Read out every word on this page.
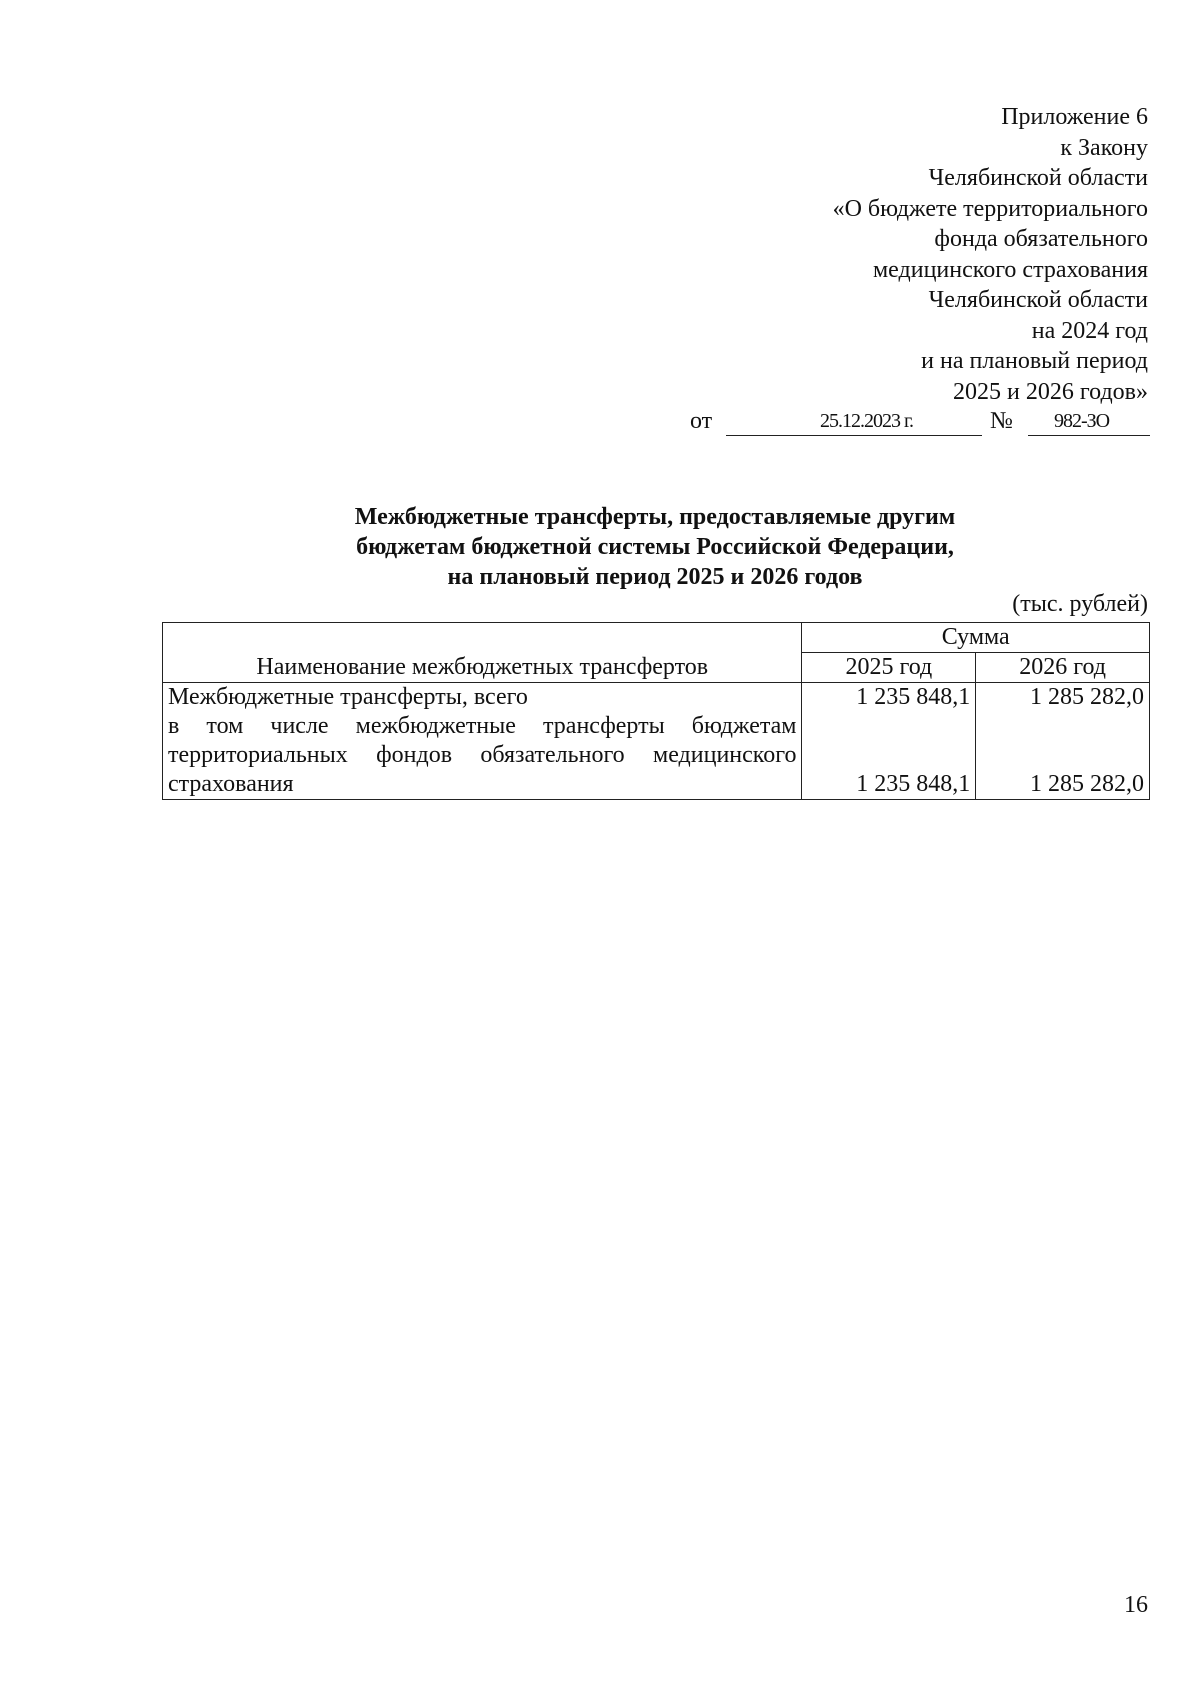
Приложение 6
к Закону
Челябинской области
«О бюджете территориального
фонда обязательного
медицинского страхования
Челябинской области
на 2024 год
и на плановый период
2025 и 2026 годов»
от	25.12.2023 г.	№ 982-ЗО
Межбюджетные трансферты, предоставляемые другим
бюджетам бюджетной системы Российской Федерации,
на плановый период 2025 и 2026 годов
(тыс. рублей)
Наименование межбюджетных трансфертов	Сумма	
	2025 год	2026 год
Межбюджетные трансферты, всего	1 235 848,1	1 285 282,0

в том числе межбюджетные трансферты бюджетам
территориальных фондов обязательного медицинского
страхования	1 235 848,1	1 285 282,0
16
